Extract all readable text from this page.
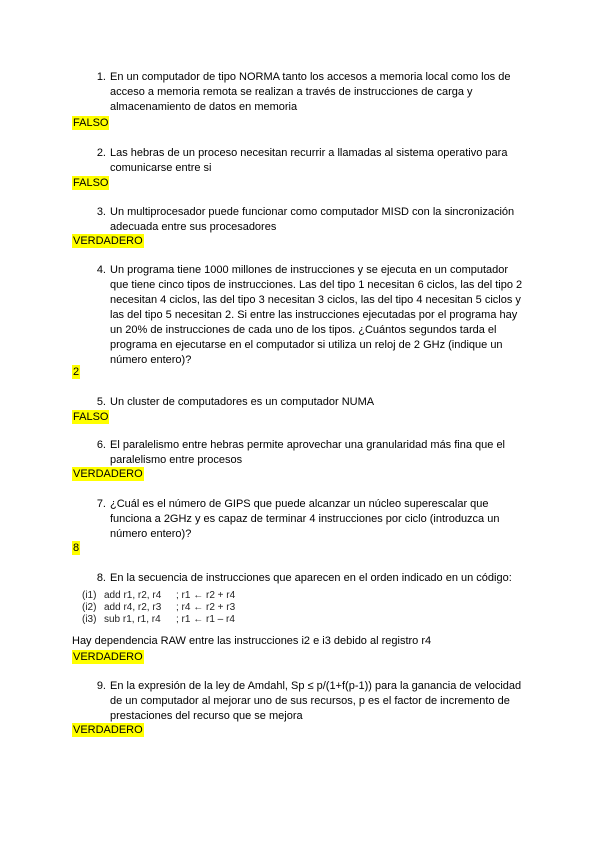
1. En un computador de tipo NORMA tanto los accesos a memoria local como los de
acceso a memoria remota se realizan a través de instrucciones de carga y
almacenamiento de datos en memoria
FALSO
2. Las hebras de un proceso necesitan recurrir a llamadas al sistema operativo para
comunicarse entre si
FALSO
3. Un multiprocesador puede funcionar como computador MISD con la sincronización
adecuada entre sus procesadores
VERDADERO
4. Un programa tiene 1000 millones de instrucciones y se ejecuta en un computador
que tiene cinco tipos de instrucciones. Las del tipo 1 necesitan 6 ciclos, las del tipo 2
necesitan 4 ciclos, las del tipo 3 necesitan 3 ciclos, las del tipo 4 necesitan 5 ciclos y
las del tipo 5 necesitan 2. Si entre las instrucciones ejecutadas por el programa hay
un 20% de instrucciones de cada uno de los tipos. ¿Cuántos segundos tarda el
programa en ejecutarse en el computador si utiliza un reloj de 2 GHz (indique un
número entero)?
2
5. Un cluster de computadores es un computador NUMA
FALSO
6. El paralelismo entre hebras permite aprovechar una granularidad más fina que el
paralelismo entre procesos
VERDADERO
7. ¿Cuál es el número de GIPS que puede alcanzar un núcleo superescalar que
funciona a 2GHz y es capaz de terminar 4 instrucciones por ciclo (introduzca un
número entero)?
8
8. En la secuencia de instrucciones que aparecen en el orden indicado en un código:
(i1) add r1, r2, r4 ; r1 ← r2 + r4
(i2) add r4, r2, r3 ; r4 ← r2 + r3
(i3) sub r1, r1, r4 ; r1 ← r1 – r4
Hay dependencia RAW entre las instrucciones i2 e i3 debido al registro r4
VERDADERO
9. En la expresión de la ley de Amdahl, Sp ≤ p/(1+f(p-1)) para la ganancia de velocidad
de un computador al mejorar uno de sus recursos, p es el factor de incremento de
prestaciones del recurso que se mejora
VERDADERO
